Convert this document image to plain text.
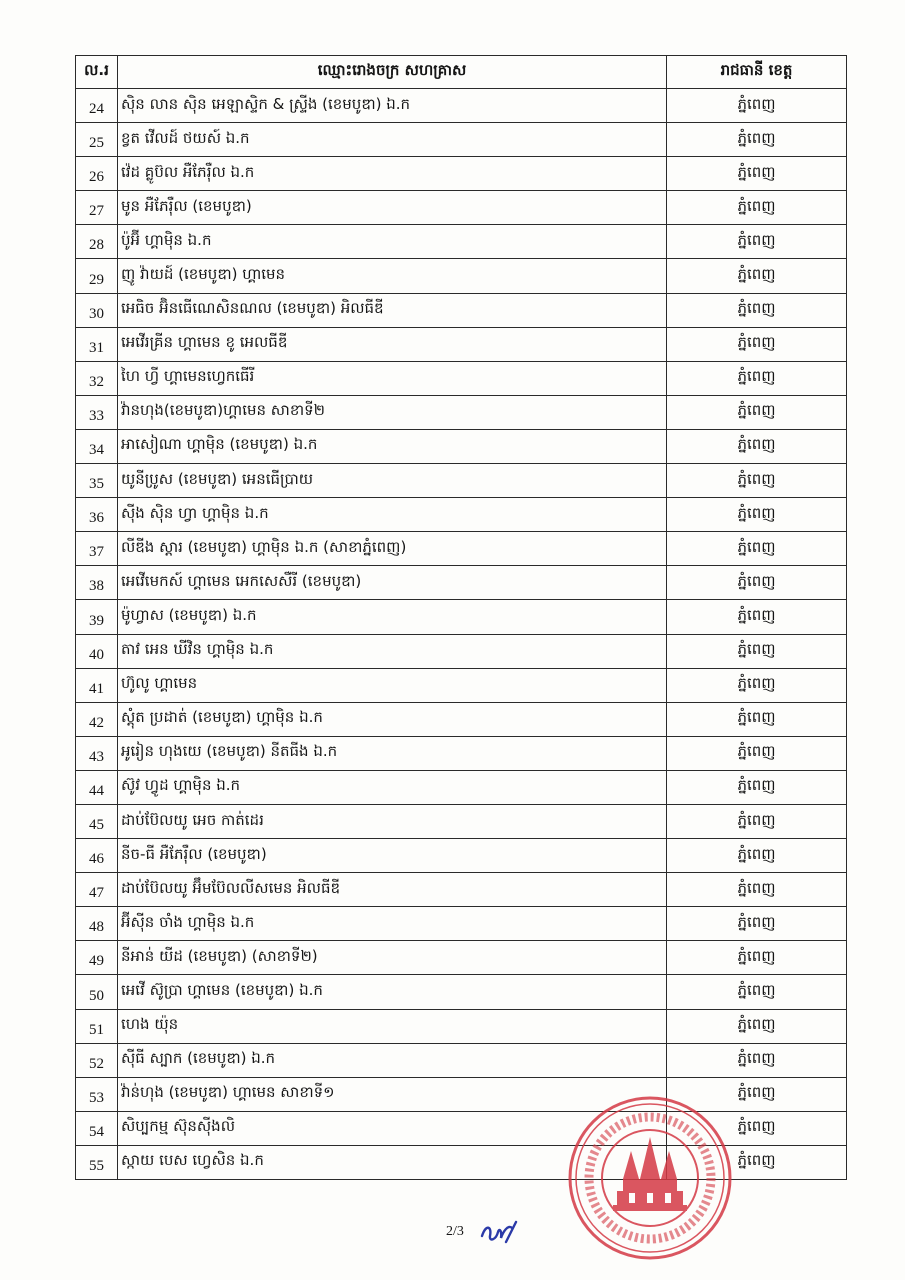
ល.រ	ឈ្មោះរោងចក្រ សហគ្រាស	រាជធានី ខេត្ត
24	ស៊ិន លាន ស៊ិន អេឡាស្ទិក & ស្រ្ទីង (ខេមបូឌា) ឯ.ក	ភ្នំពេញ
25	ខ្វត វើលដ៍ ថយស៍ ឯ.ក	ភ្នំពេញ
26	វ៉េដ គ្លូប៊ល អឺភែរ៉ឺល ឯ.ក	ភ្នំពេញ
27	មូន អឺភែរ៉ឺល (ខេមបូឌា)	ភ្នំពេញ
28	ប៉ូអ៊ី ហ្គាម៉ិន ឯ.ក	ភ្នំពេញ
29	ញូ វ៉ាយដ៍ (ខេមបូឌា) ហ្គាមេន	ភ្នំពេញ
30	អេធិច អ៊ិនធើណេសិនណល (ខេមបូឌា) អិលធីឌី	ភ្នំពេញ
31	អេវើរគ្រីន ហ្គាមេន ខូ អេលធីឌី	ភ្នំពេញ
32	ហៃ ហ្វី ហ្គាមេនហ្វេកធើរី	ភ្នំពេញ
33	វ៉ានហុង(ខេមបូឌា)ហ្គាមេន សាខាទី២	ភ្នំពេញ
34	អាសៀណា ហ្គាម៉ិន (ខេមបូឌា) ឯ.ក	ភ្នំពេញ
35	យូនីប្រូស (ខេមបូឌា) អេនធើប្រាយ	ភ្នំពេញ
36	ស៊ីង ស៊ិន ហ្វា ហ្គាម៉ិន ឯ.ក	ភ្នំពេញ
37	លីឌីង ស្តារ (ខេមបូឌា) ហ្គាម៉ិន ឯ.ក (សាខាភ្នំពេញ)	ភ្នំពេញ
38	អេវើមេកស៍ ហ្គាមេន អេកសេសឺរី (ខេមបូឌា)	ភ្នំពេញ
39	ម៉ូហ្វាស (ខេមបូឌា) ឯ.ក	ភ្នំពេញ
40	តាវ អេន ឃីវិន ហ្គាម៉ិន ឯ.ក	ភ្នំពេញ
41	ហ៊ូលូ ហ្គាមេន	ភ្នំពេញ
42	ស្តុំត ប្រដាត់ (ខេមបូឌា) ហ្គាម៉ិន ឯ.ក	ភ្នំពេញ
43	អូរៀន ហុងយេ (ខេមបូឌា) នីតធីង ឯ.ក	ភ្នំពេញ
44	ស៊ូវ ហ្វូដ ហ្គាម៉ិន ឯ.ក	ភ្នំពេញ
45	ដាប់ប៊ែលយូ អេច កាត់ដេរ	ភ្នំពេញ
46	នីច-ធី អឺភែរ៉ឺល (ខេមបូឌា)	ភ្នំពេញ
47	ដាប់ប៊ែលយូ អ៊ឹមប៊ែលលីសមេន អិលធីឌី	ភ្នំពេញ
48	អ៊ីស៊ីន ចាំង ហ្គាម៉ិន ឯ.ក	ភ្នំពេញ
49	នីអាន់ យីដ (ខេមបូឌា) (សាខាទី២)	ភ្នំពេញ
50	អេវើ ស៊ូប្រា ហ្គាមេន (ខេមបូឌា) ឯ.ក	ភ្នំពេញ
51	ហេង យ៉ុន	ភ្នំពេញ
52	ស៊ីធី ស្បាក (ខេមបូឌា) ឯ.ក	ភ្នំពេញ
53	វ៉ាន់ហុង (ខេមបូឌា) ហ្គាមេន សាខាទី១	ភ្នំពេញ
54	សិប្បកម្ម ស៊ុនស៊ីងលិ	ភ្នំពេញ
55	ស្កាយ បេស ហ្វេសិន ឯ.ក	ភ្នំពេញ
2/3
